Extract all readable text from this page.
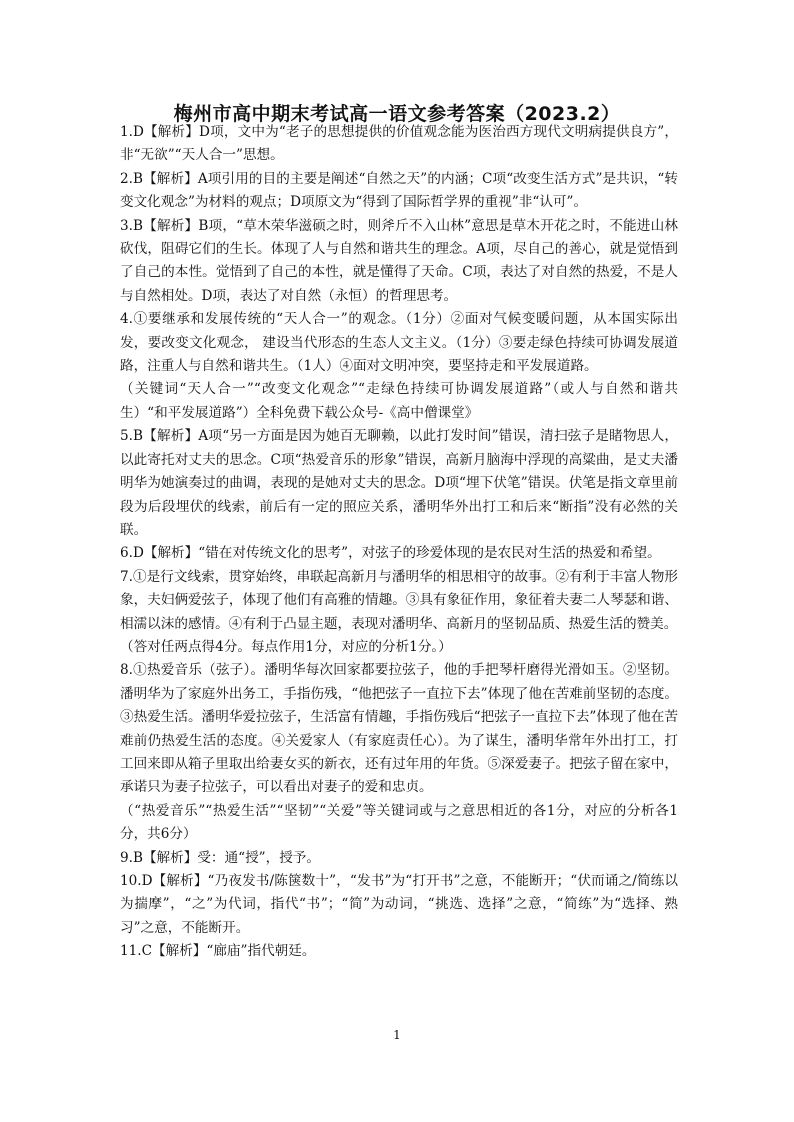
梅州市高中期末考试高一语文参考答案（2023.2）

1.D【解析】D项，文中为“老子的思想提供的价值观念能为医治西方现代文明病提供良方”，非“无欲”“天人合一”思想。

2.B【解析】A项引用的目的主要是阐述“自然之天”的内涵；C项“改变生活方式”是共识，“转变文化观念”为材料的观点；D项原文为“得到了国际哲学界的重视”非“认可”。

3.B【解析】B项，“草木荣华滋硕之时，则斧斤不入山林”意思是草木开花之时，不能进山林砍伐，阻碍它们的生长。体现了人与自然和谐共生的理念。A项，尽自己的善心，就是觉悟到了自己的本性。觉悟到了自己的本性，就是懂得了天命。C项，表达了对自然的热爱，不是人与自然相处。D项，表达了对自然（永恒）的哲理思考。

4.①要继承和发展传统的“天人合一”的观念。（1分）②面对气候变暖问题，从本国实际出发，要改变文化观念， 建设当代形态的生态人文主义。（1分）③要走绿色持续可协调发展道路，注重人与自然和谐共生。（1人）④面对文明冲突，要坚持走和平发展道路。

（关键词“天人合一”“改变文化观念”“走绿色持续可协调发展道路”（或人与自然和谐共生）“和平发展道路”）全科免费下载公众号-《高中僧课堂》

5.B【解析】A项“另一方面是因为她百无聊赖，以此打发时间”错误，清扫弦子是睹物思人，以此寄托对丈夫的思念。C项“热爱音乐的形象”错误，高新月脑海中浮现的高粱曲，是丈夫潘明华为她演奏过的曲调，表现的是她对丈夫的思念。D项“埋下伏笔”错误。伏笔是指文章里前段为后段埋伏的线索，前后有一定的照应关系，潘明华外出打工和后来“断指”没有必然的关联。

6.D【解析】“错在对传统文化的思考”，对弦子的珍爱体现的是农民对生活的热爱和希望。

7.①是行文线索，贯穿始终，串联起高新月与潘明华的相思相守的故事。②有利于丰富人物形象，夫妇俩爱弦子，体现了他们有高雅的情趣。③具有象征作用，象征着夫妻二人琴瑟和谐、相濡以沫的感情。④有利于凸显主题，表现对潘明华、高新月的坚韧品质、热爱生活的赞美。

（答对任两点得4分。每点作用1分，对应的分析1分。）

8.①热爱音乐（弦子）。潘明华每次回家都要拉弦子，他的手把琴杆磨得光滑如玉。②坚韧。潘明华为了家庭外出务工，手指伤残，“他把弦子一直拉下去”体现了他在苦难前坚韧的态度。③热爱生活。潘明华爱拉弦子，生活富有情趣，手指伤残后“把弦子一直拉下去”体现了他在苦难前仍热爱生活的态度。④关爱家人（有家庭责任心）。为了谋生，潘明华常年外出打工，打工回来即从箱子里取出给妻女买的新衣，还有过年用的年货。⑤深爱妻子。把弦子留在家中，承诺只为妻子拉弦子，可以看出对妻子的爱和忠贞。

（“热爱音乐”“热爱生活”“坚韧”“关爱”等关键词或与之意思相近的各1分，对应的分析各1分，共6分）

9.B【解析】受：通“授”，授予。

10.D【解析】“乃夜发书/陈箧数十”，“发书”为“打开书”之意，不能断开；“伏而诵之/简练以为揣摩”，“之”为代词，指代“书”；“简”为动词，“挑选、选择”之意，“简练”为“选择、熟习”之意，不能断开。

11.C【解析】“廊庙”指代朝廷。

1
